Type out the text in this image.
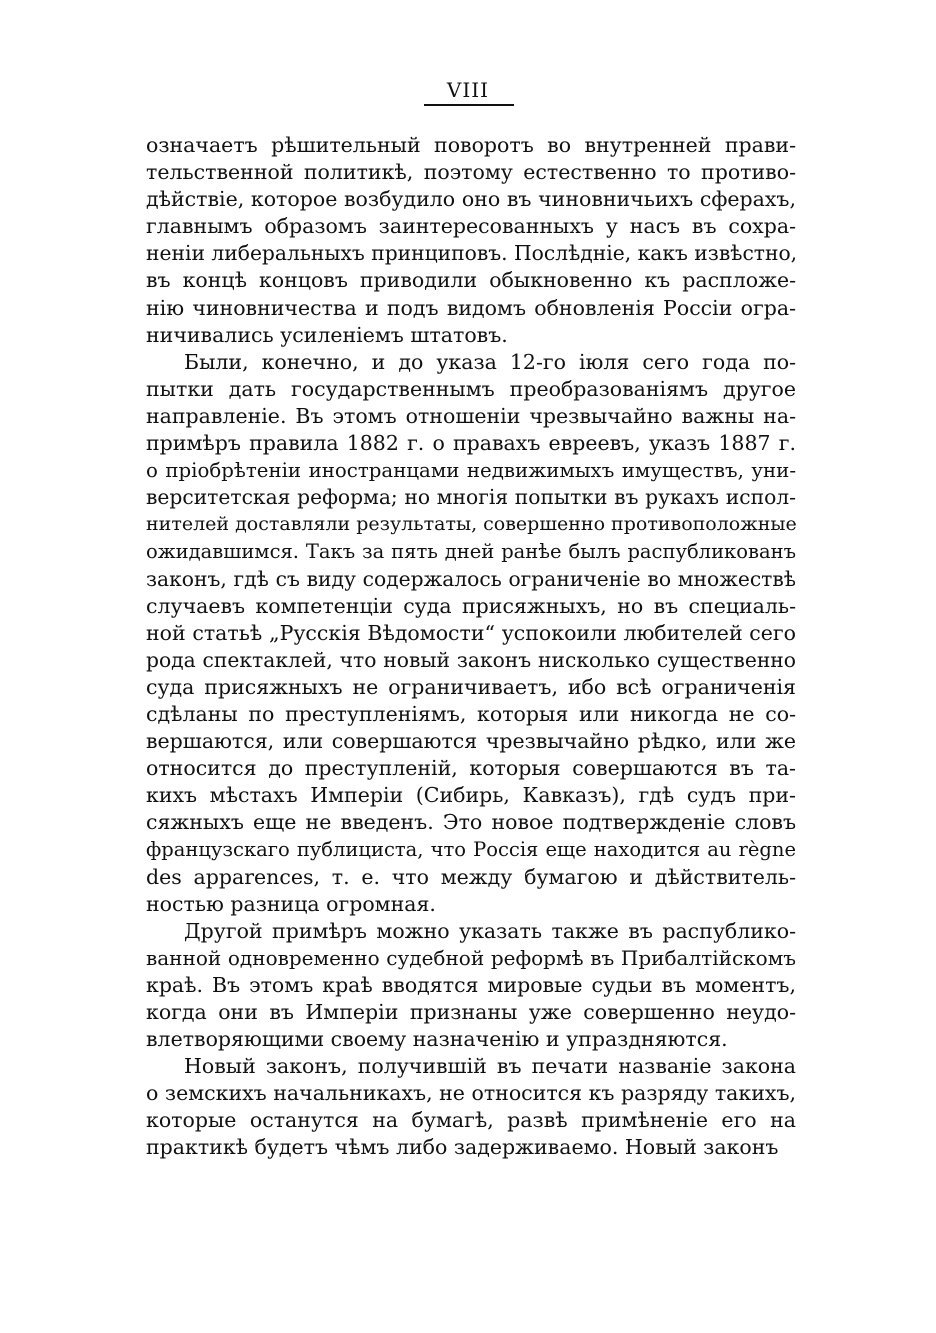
VIII
означаетъ рѣшительный поворотъ во внутренней прави-
тельственной политикѣ, поэтому естественно то противо-
дѣйствіе, которое возбудило оно въ чиновничьихъ сферахъ,
главнымъ образомъ заинтересованныхъ у насъ въ сохра-
неніи либеральныхъ принциповъ. Послѣдніе, какъ извѣстно,
въ концѣ концовъ приводили обыкновенно къ распложе-
нію чиновничества и подъ видомъ обновленія Россіи огра-
ничивались усиленіемъ штатовъ.
Были, конечно, и до указа 12-го іюля сего года по-
пытки дать государственнымъ преобразованіямъ другое
направленіе. Въ этомъ отношеніи чрезвычайно важны на-
примѣръ правила 1882 г. о правахъ евреевъ, указъ 1887 г.
о пріобрѣтеніи иностранцами недвижимыхъ имуществъ, уни-
верситетская реформа; но многія попытки въ рукахъ испол-
нителей доставляли результаты, совершенно противоположные
ожидавшимся. Такъ за пять дней ранѣе былъ распубликованъ
законъ, гдѣ съ виду содержалось ограниченіе во множествѣ
случаевъ компетенціи суда присяжныхъ, но въ специаль-
ной статьѣ „Русскія Вѣдомости“ успокоили любителей сего
рода спектаклей, что новый законъ нисколько существенно
суда присяжныхъ не ограничиваетъ, ибо всѣ ограниченія
сдѣланы по преступленіямъ, которыя или никогда не со-
вершаются, или совершаются чрезвычайно рѣдко, или же
относится до преступленій, которыя совершаются въ та-
кихъ мѣстахъ Имперіи (Сибирь, Кавказъ), гдѣ судъ при-
сяжныхъ еще не введенъ. Это новое подтвержденіе словъ
французскаго публициста, что Россія еще находится au règne
des apparences, т. е. что между бумагою и дѣйствитель-
ностью разница огромная.
Другой примѣръ можно указать также въ распублико-
ванной одновременно судебной реформѣ въ Прибалтійскомъ
краѣ. Въ этомъ краѣ вводятся мировые судьи въ моментъ,
когда они въ Имперіи признаны уже совершенно неудо-
влетворяющими своему назначенію и упраздняются.
Новый законъ, получившій въ печати названіе закона
о земскихъ начальникахъ, не относится къ разряду такихъ,
которые останутся на бумагѣ, развѣ примѣненіе его на
практикѣ будетъ чѣмъ либо задерживаемо. Новый законъ
